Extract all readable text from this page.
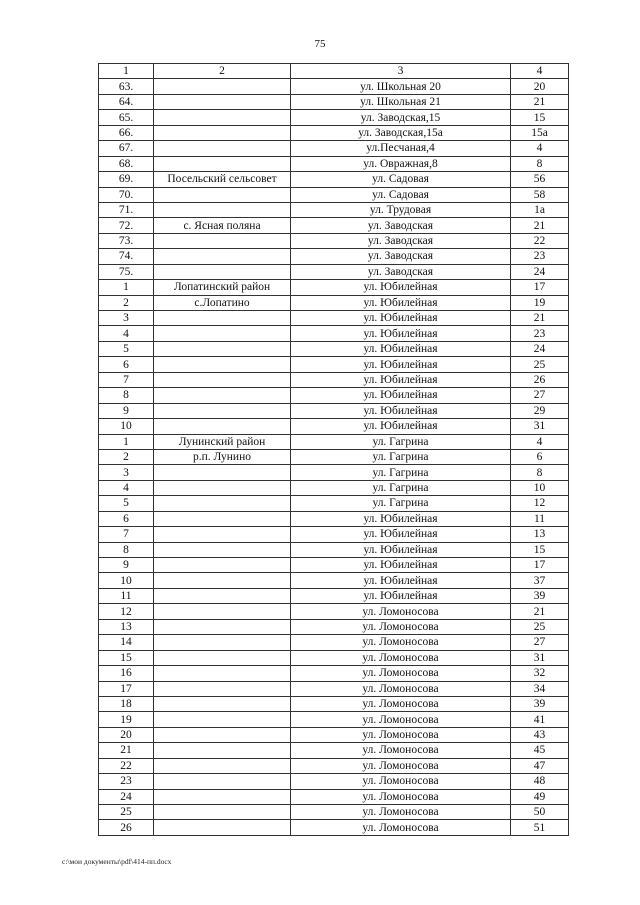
75
1	2	3	4
63.		ул. Школьная 20	20
64.		ул. Школьная 21	21
65.		ул. Заводская,15	15
66.		ул. Заводская,15а	15а
67.		ул.Песчаная,4	4
68.		ул. Овражная,8	8
69.	Посельский сельсовет	ул. Садовая	56
70.		ул. Садовая	58
71.		ул. Трудовая	1а
72.	с. Ясная поляна	ул. Заводская	21
73.		ул. Заводская	22
74.		ул. Заводская	23
75.		ул. Заводская	24
1	Лопатинский район	ул. Юбилейная	17
2	с.Лопатино	ул. Юбилейная	19
3		ул. Юбилейная	21
4		ул. Юбилейная	23
5		ул. Юбилейная	24
6		ул. Юбилейная	25
7		ул. Юбилейная	26
8		ул. Юбилейная	27
9		ул. Юбилейная	29
10		ул. Юбилейная	31
1	Лунинский район	ул. Гагрина	4
2	р.п. Лунино	ул. Гагрина	6
3		ул. Гагрина	8
4		ул. Гагрина	10
5		ул. Гагрина	12
6		ул. Юбилейная	11
7		ул. Юбилейная	13
8		ул. Юбилейная	15
9		ул. Юбилейная	17
10		ул. Юбилейная	37
11		ул. Юбилейная	39
12		ул. Ломоносова	21
13		ул. Ломоносова	25
14		ул. Ломоносова	27
15		ул. Ломоносова	31
16		ул. Ломоносова	32
17		ул. Ломоносова	34
18		ул. Ломоносова	39
19		ул. Ломоносова	41
20		ул. Ломоносова	43
21		ул. Ломоносова	45
22		ул. Ломоносова	47
23		ул. Ломоносова	48
24		ул. Ломоносова	49
25		ул. Ломоносова	50
26		ул. Ломоносова	51
c:\мои документы\pdf\414-пп.docx
